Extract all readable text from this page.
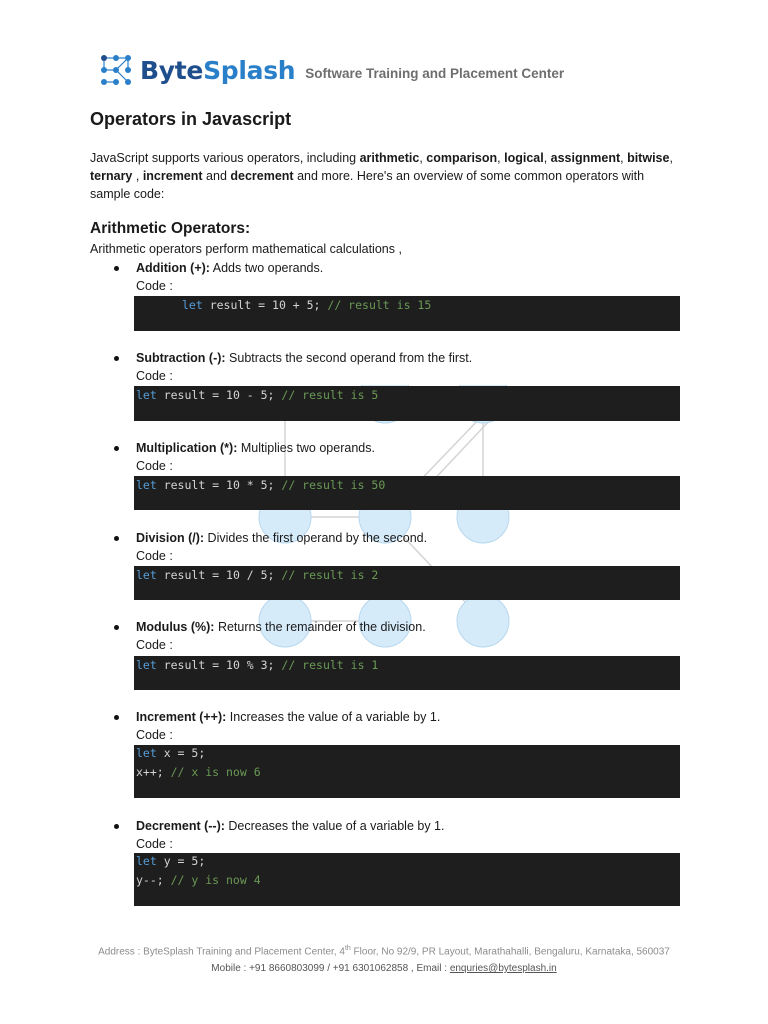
ByteSplash Software Training and Placement Center
Operators in Javascript
JavaScript supports various operators, including arithmetic, comparison, logical, assignment, bitwise, ternary , increment and decrement and more. Here's an overview of some common operators with sample code:
Arithmetic Operators:
Arithmetic operators perform mathematical calculations ,
Addition (+): Adds two operands.
Code :
let result = 10 + 5; // result is 15
Subtraction (-): Subtracts the second operand from the first.
Code :
let result = 10 - 5; // result is 5
Multiplication (*): Multiplies two operands.
Code :
let result = 10 * 5; // result is 50
Division (/): Divides the first operand by the second.
Code :
let result = 10 / 5; // result is 2
Modulus (%): Returns the remainder of the division.
Code :
let result = 10 % 3; // result is 1
Increment (++): Increases the value of a variable by 1.
Code :
let x = 5;
x++; // x is now 6
Decrement (--): Decreases the value of a variable by 1.
Code :
let y = 5;
y--; // y is now 4
Address : ByteSplash Training and Placement Center, 4th Floor, No 92/9, PR Layout, Marathahalli, Bengaluru, Karnataka, 560037
Mobile : +91 8660803099 / +91 6301062858 , Email : enquries@bytesplash.in
